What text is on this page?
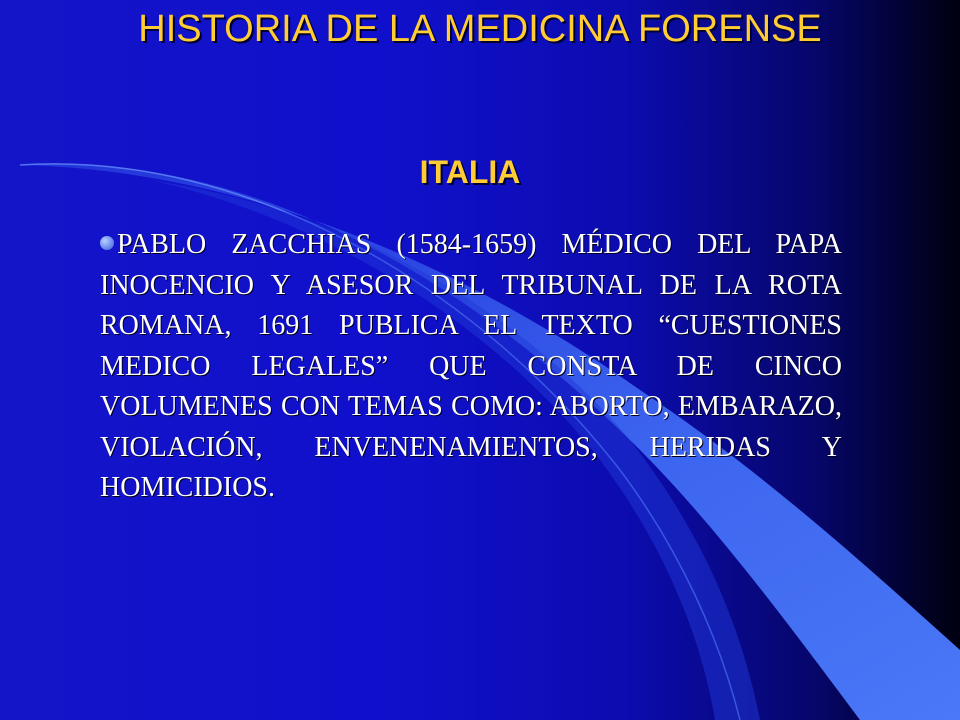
HISTORIA DE LA MEDICINA FORENSE
ITALIA
PABLO ZACCHIAS (1584-1659) MÉDICO DEL PAPA INOCENCIO Y ASESOR DEL TRIBUNAL DE LA ROTA ROMANA, 1691 PUBLICA EL TEXTO “CUESTIONES MEDICO LEGALES” QUE CONSTA DE CINCO VOLUMENES CON TEMAS COMO: ABORTO, EMBARAZO, VIOLACIÓN, ENVENENAMIENTOS, HERIDAS Y HOMICIDIOS.
